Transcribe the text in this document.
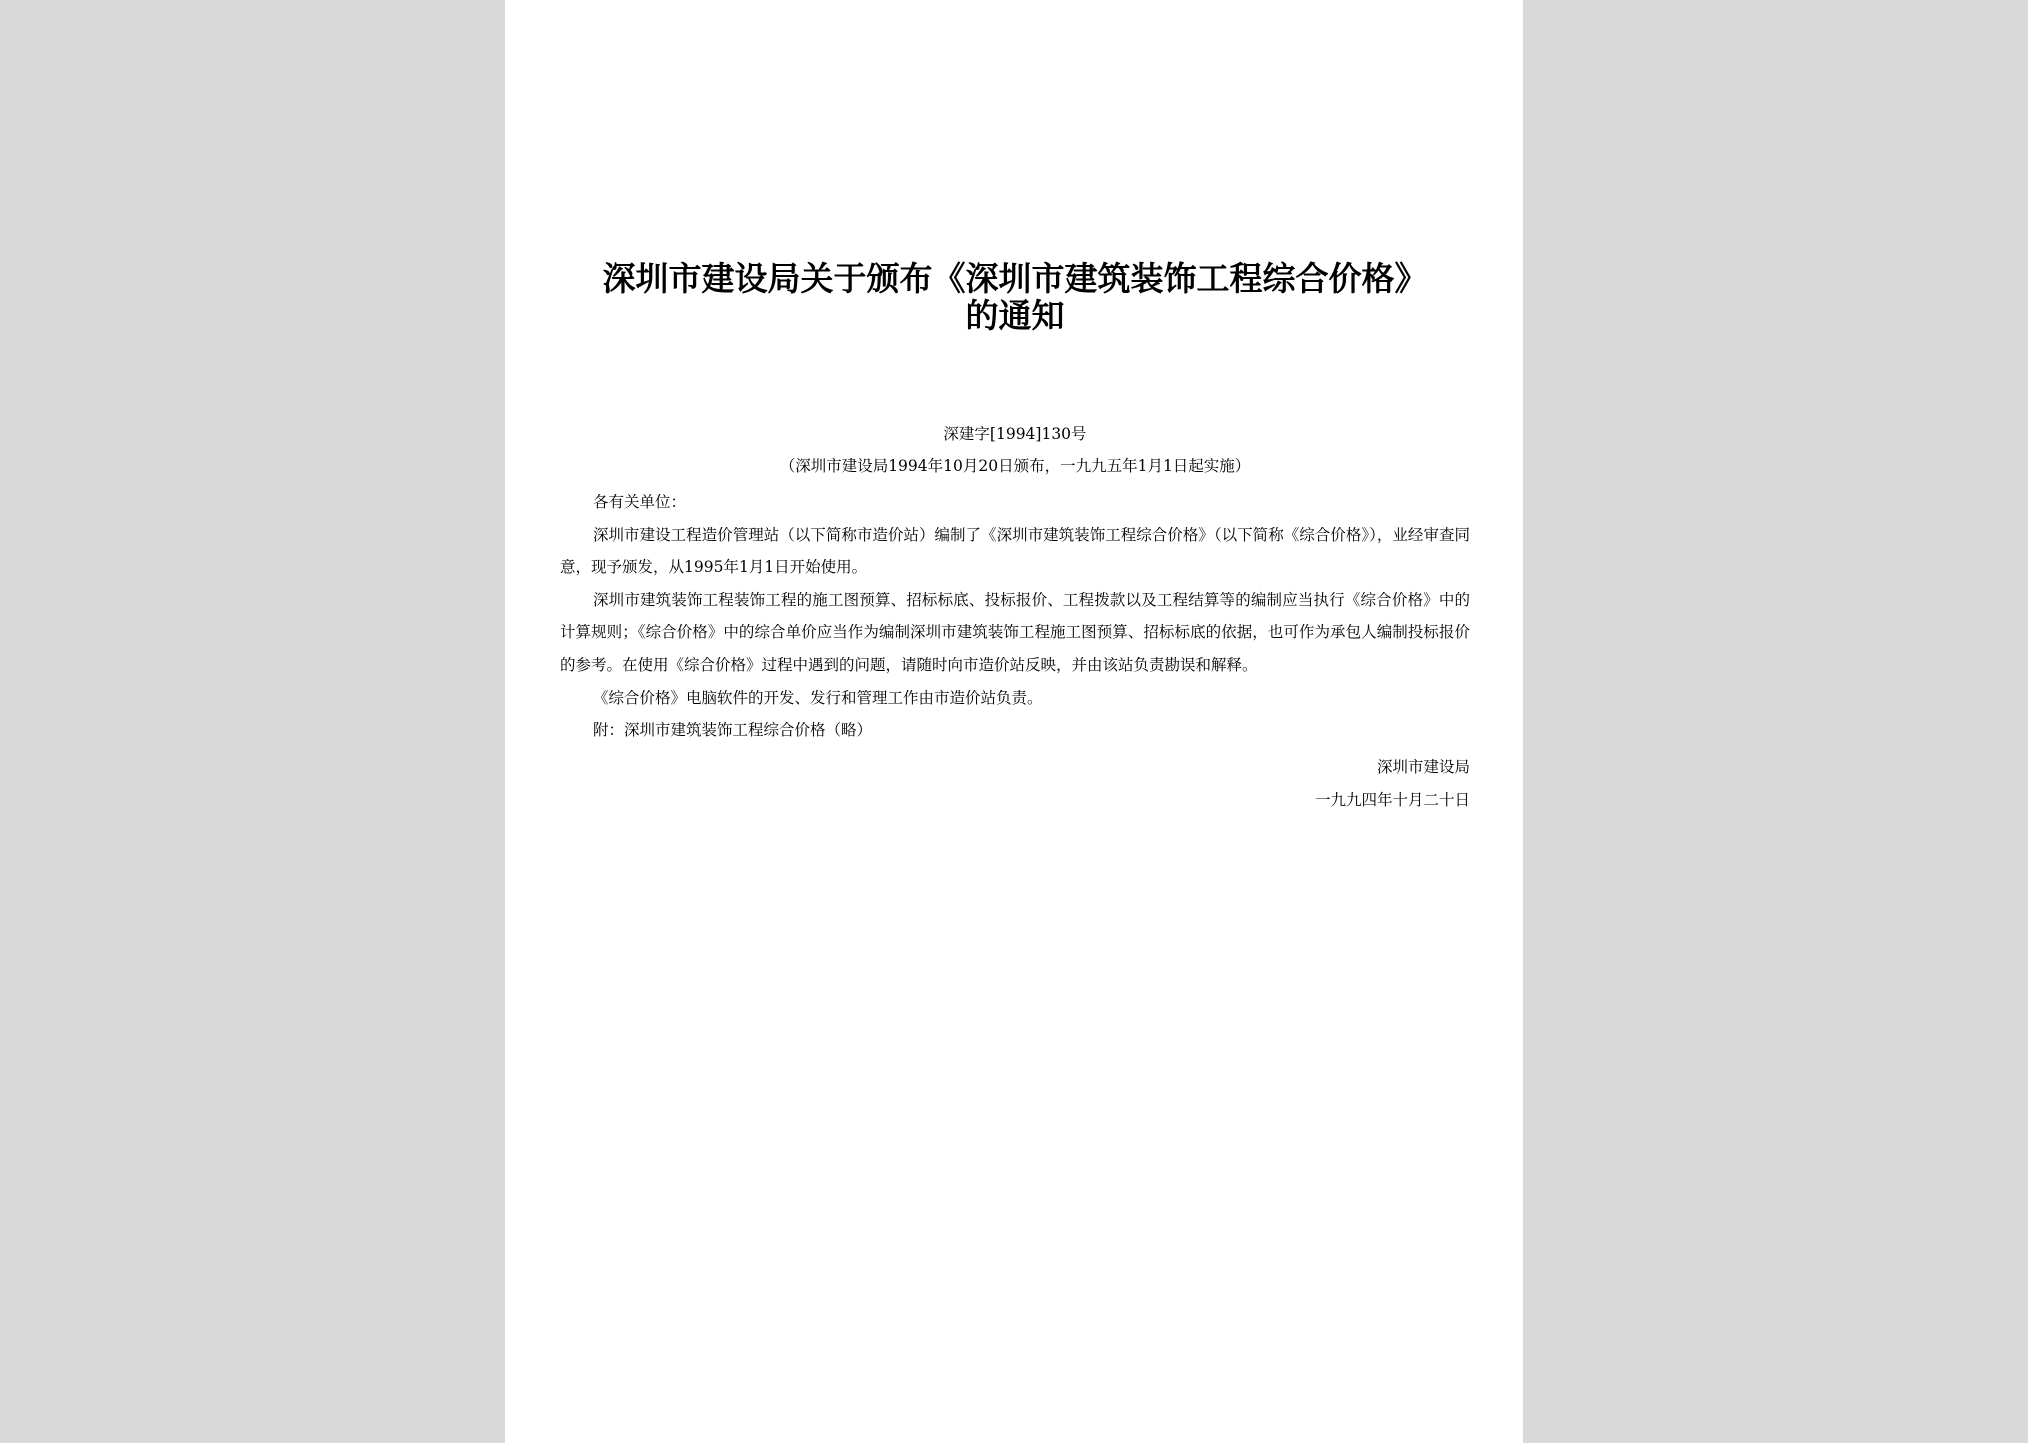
深圳市建设局关于颁布《深圳市建筑装饰工程综合价格》的通知
深建字[1994]130号
（深圳市建设局1994年10月20日颁布，一九九五年1月1日起实施）

各有关单位：

深圳市建设工程造价管理站（以下简称市造价站）编制了《深圳市建筑装饰工程综合价格》（以下简称《综合价格》），业经审查同意，现予颁发，从1995年1月1日开始使用。

深圳市建筑装饰工程装饰工程的施工图预算、招标标底、投标报价、工程拨款以及工程结算等的编制应当执行《综合价格》中的计算规则；《综合价格》中的综合单价应当作为编制深圳市建筑装饰工程施工图预算、招标标底的依据，也可作为承包人编制投标报价的参考。在使用《综合价格》过程中遇到的问题，请随时向市造价站反映，并由该站负责勘误和解释。

《综合价格》电脑软件的开发、发行和管理工作由市造价站负责。

附：深圳市建筑装饰工程综合价格（略）

深圳市建设局
一九九四年十月二十日
